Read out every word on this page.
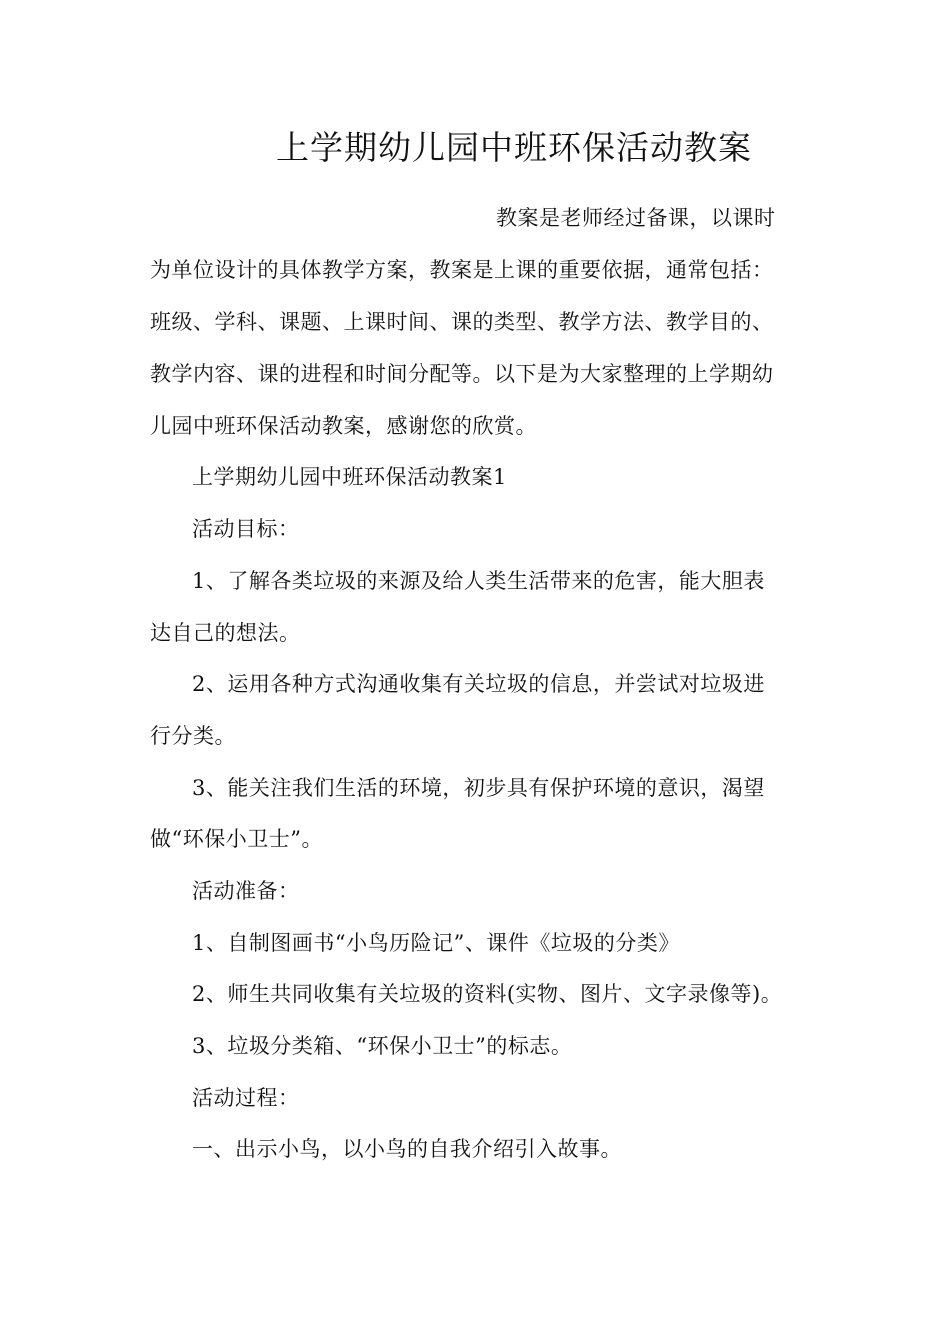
上学期幼儿园中班环保活动教案
教案是老师经过备课，以课时
为单位设计的具体教学方案，教案是上课的重要依据，通常包括：
班级、学科、课题、上课时间、课的类型、教学方法、教学目的、
教学内容、课的进程和时间分配等。以下是为大家整理的上学期幼
儿园中班环保活动教案，感谢您的欣赏。
上学期幼儿园中班环保活动教案1
活动目标：
1、了解各类垃圾的来源及给人类生活带来的危害，能大胆表
达自己的想法。
2、运用各种方式沟通收集有关垃圾的信息，并尝试对垃圾进
行分类。
3、能关注我们生活的环境，初步具有保护环境的意识，渴望
做“环保小卫士”。
活动准备：
1、自制图画书“小鸟历险记”、课件《垃圾的分类》
2、师生共同收集有关垃圾的资料(实物、图片、文字录像等)。
3、垃圾分类箱、“环保小卫士”的标志。
活动过程：
一、出示小鸟，以小鸟的自我介绍引入故事。
